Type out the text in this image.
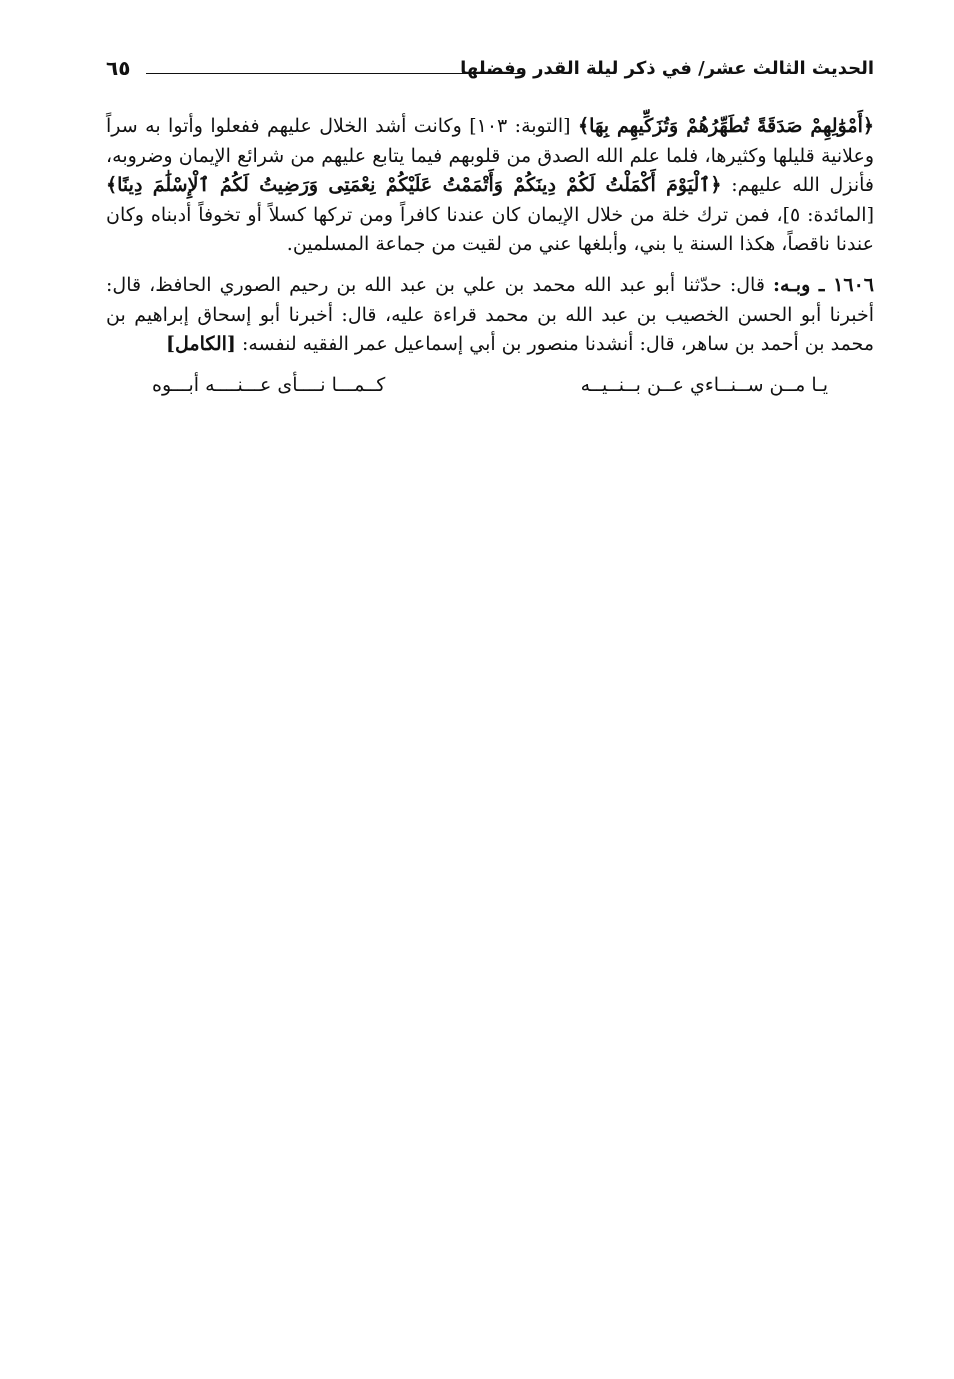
الحديث الثالث عشر/ في ذكر ليلة القدر وفضلها
٦٥

﴿أَمْوَٰلِهِمْ صَدَقَةً تُطَهِّرُهُمْ وَتُزَكِّيهِم بِهَا﴾ [التوبة: ١٠٣] وكانت أشد الخلال عليهم ففعلوا وأتوا به سراً وعلانية قليلها وكثيرها، فلما علم الله الصدق من قلوبهم فيما يتابع عليهم من شرائع الإيمان وضروبه، فأنزل الله عليهم: ﴿ٱلْيَوْمَ أَكْمَلْتُ لَكُمْ دِينَكُمْ وَأَتْمَمْتُ عَلَيْكُمْ نِعْمَتِى وَرَضِيتُ لَكُمُ ٱلْإِسْلَٰمَ دِينًا﴾ [المائدة: ٥]، فمن ترك خلة من خلال الإيمان كان عندنا كافراً ومن تركها كسلاً أو تخوفاً أدبناه وكان عندنا ناقصاً، هكذا السنة يا بني، وأبلغها عني من لقيت من جماعة المسلمين.

١٦٠٦ ـ وبـه: قال: حدّثنا أبو عبد الله محمد بن علي بن عبد الله بن رحيم الصوري الحافظ، قال: أخبرنا أبو الحسن الخصيب بن عبد الله بن محمد قراءة عليه، قال: أخبرنا أبو إسحاق إبراهيم بن محمد بن أحمد بن ساهر، قال: أنشدنا منصور بن أبي إسماعيل عمر الفقيه لنفسه: [الكامل]

يـا مــن ســنــاءي عــن بــنــيــه
كــمـــا نــــأى عـــنــــه أبـــوه
